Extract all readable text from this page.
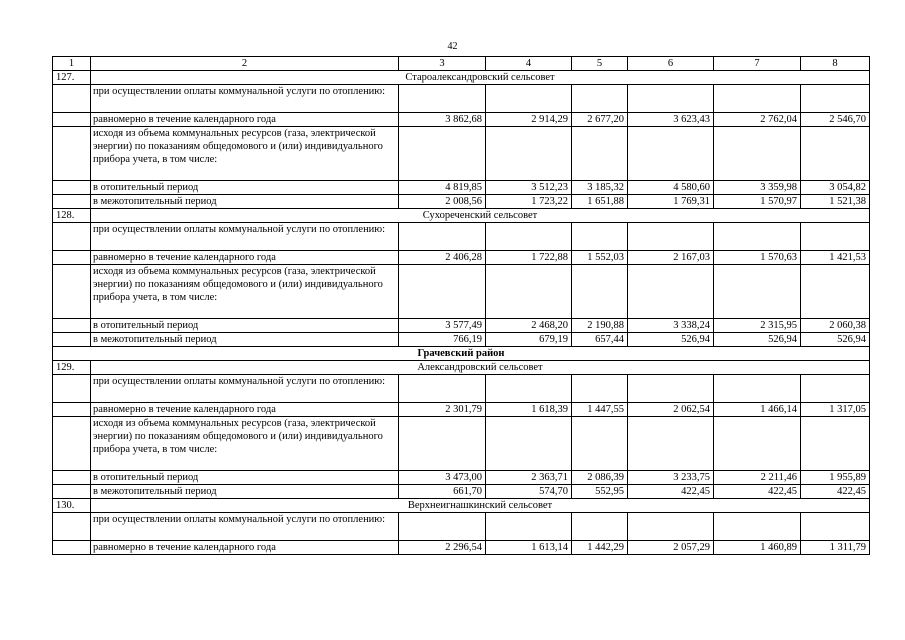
42
1	2	3	4	5	6	7	8
127.	Староалександровский сельсовет						
	при осуществлении оплаты коммунальной услуги по отоплению:						
	равномерно в течение календарного года	3 862,68	2 914,29	2 677,20	3 623,43	2 762,04	2 546,70
	исходя из объема коммунальных ресурсов (газа, электрической энергии) по показаниям общедомового и (или) индивидуального прибора учета, в том числе:						
	в отопительный период	4 819,85	3 512,23	3 185,32	4 580,60	3 359,98	3 054,82
	в межотопительный период	2 008,56	1 723,22	1 651,88	1 769,31	1 570,97	1 521,38
128.	Сухореченский сельсовет						
	при осуществлении оплаты коммунальной услуги по отоплению:						
	равномерно в течение календарного года	2 406,28	1 722,88	1 552,03	2 167,03	1 570,63	1 421,53
	исходя из объема коммунальных ресурсов (газа, электрической энергии) по показаниям общедомового и (или) индивидуального прибора учета, в том числе:						
	в отопительный период	3 577,49	2 468,20	2 190,88	3 338,24	2 315,95	2 060,38
	в межотопительный период	766,19	679,19	657,44	526,94	526,94	526,94
Грачевский район							
129.	Александровский сельсовет						
	при осуществлении оплаты коммунальной услуги по отоплению:						
	равномерно в течение календарного года	2 301,79	1 618,39	1 447,55	2 062,54	1 466,14	1 317,05
	исходя из объема коммунальных ресурсов (газа, электрической энергии) по показаниям общедомового и (или) индивидуального прибора учета, в том числе:						
	в отопительный период	3 473,00	2 363,71	2 086,39	3 233,75	2 211,46	1 955,89
	в межотопительный период	661,70	574,70	552,95	422,45	422,45	422,45
130.	Верхнеигнашкинский сельсовет						
	при осуществлении оплаты коммунальной услуги по отоплению:						
	равномерно в течение календарного года	2 296,54	1 613,14	1 442,29	2 057,29	1 460,89	1 311,79
